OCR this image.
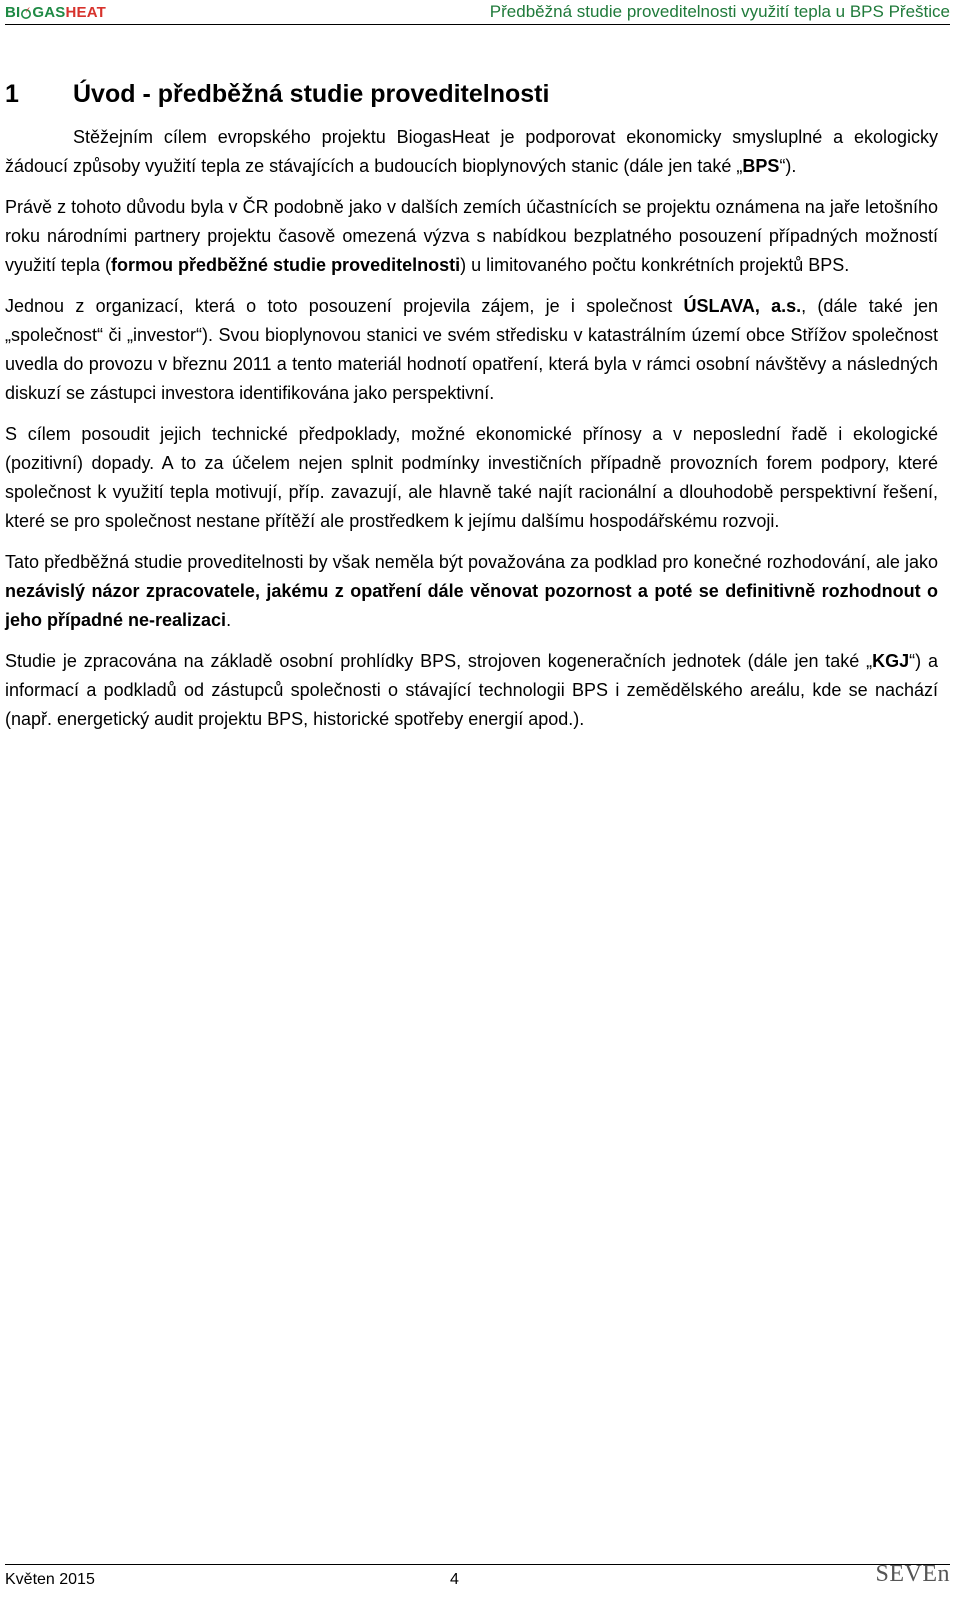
BI GAS HEAT	Předběžná studie proveditelnosti využití tepla u BPS Přeštice
1	Úvod - předběžná studie proveditelnosti

Stěžejním cílem evropského projektu BiogasHeat je podporovat ekonomicky smysluplné a ekologicky žádoucí způsoby využití tepla ze stávajících a budoucích bioplynových stanic (dále jen také „BPS“).

Právě z tohoto důvodu byla v ČR podobně jako v dalších zemích účastnících se projektu oznámena na jaře letošního roku národními partnery projektu časově omezená výzva s nabídkou bezplatného posouzení případných možností využití tepla (formou předběžné studie proveditelnosti) u limitovaného počtu konkrétních projektů BPS.

Jednou z organizací, která o toto posouzení projevila zájem, je i společnost ÚSLAVA, a.s., (dále také jen „společnost“ či „investor“). Svou bioplynovou stanici ve svém středisku v katastrálním území obce Střížov společnost uvedla do provozu v březnu 2011 a tento materiál hodnotí opatření, která byla v rámci osobní návštěvy a následných diskuzí se zástupci investora identifikována jako perspektivní.

S cílem posoudit jejich technické předpoklady, možné ekonomické přínosy a v neposlední řadě i ekologické (pozitivní) dopady. A to za účelem nejen splnit podmínky investičních případně provozních forem podpory, které společnost k využití tepla motivují, příp. zavazují, ale hlavně také najít racionální a dlouhodobě perspektivní řešení, které se pro společnost nestane přítěží ale prostředkem k jejímu dalšímu hospodářskému rozvoji.

Tato předběžná studie proveditelnosti by však neměla být považována za podklad pro konečné rozhodování, ale jako nezávislý názor zpracovatele, jakému z opatření dále věnovat pozornost a poté se definitivně rozhodnout o jeho případné ne-realizaci.

Studie je zpracována na základě osobní prohlídky BPS, strojoven kogeneračních jednotek (dále jen také „KGJ“) a informací a podkladů od zástupců společnosti o stávající technologii BPS i zemědělského areálu, kde se nachází (např. energetický audit projektu BPS, historické spotřeby energií apod.).

Květen 2015	4	SEVEn
